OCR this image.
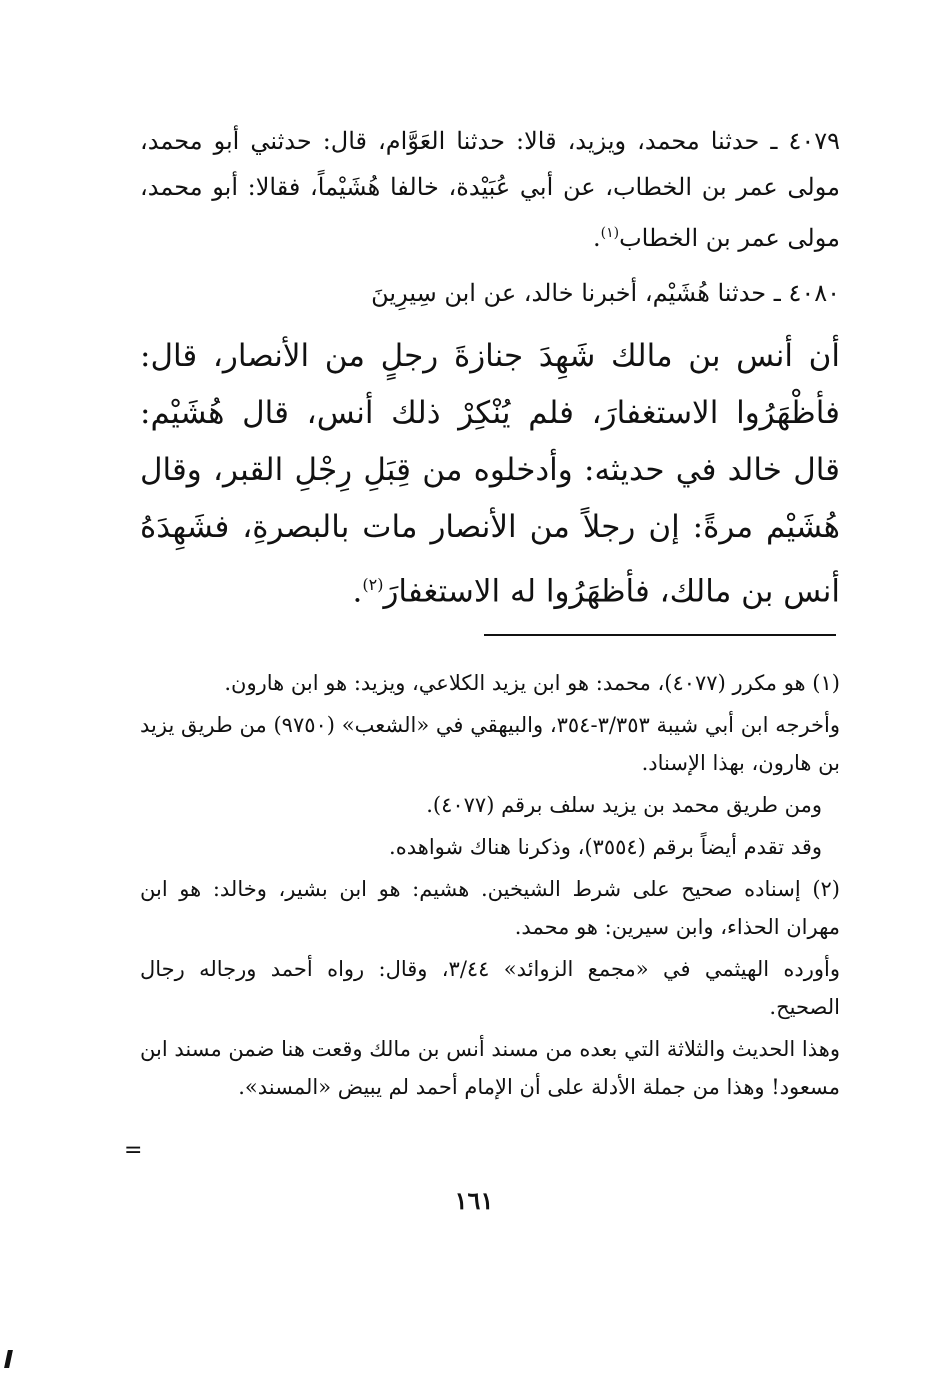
٤٠٧٩ ـ حدثنا محمد، ويزيد، قالا: حدثنا العَوَّام، قال: حدثني أبو محمد، مولى عمر بن الخطاب، عن أبي عُبَيْدة، خالفا هُشَيْماً، فقالا: أبو محمد، مولى عمر بن الخطاب$^{(١)}$.
٤٠٨٠ ـ حدثنا هُشَيْم، أخبرنا خالد، عن ابن سِيرِينَ
أن أنس بن مالك شَهِدَ جنازةَ رجلٍ من الأنصار، قال: فأظْهَرُوا الاستغفارَ، فلم يُنْكِرْ ذلك أنس، قال هُشَيْم: قال خالد في حديثه: وأدخلوه من قِبَلِ رِجْلِ القبر، وقال هُشَيْم مرةً: إن رجلاً من الأنصار مات بالبصرةِ، فشَهِدَهُ أنس بن مالك، فأظهَرُوا له الاستغفارَ$^{(٢)}$.

(١) هو مكرر (٤٠٧٧)، محمد: هو ابن يزيد الكلاعي، ويزيد: هو ابن هارون.

وأخرجه ابن أبي شيبة ٣/٣٥٣-٣٥٤، والبيهقي في «الشعب» (٩٧٥٠) من طريق يزيد بن هارون، بهذا الإسناد.

ومن طريق محمد بن يزيد سلف برقم (٤٠٧٧).

وقد تقدم أيضاً برقم (٣٥٥٤)، وذكرنا هناك شواهده.

(٢) إسناده صحيح على شرط الشيخين. هشيم: هو ابن بشير، وخالد: هو ابن مهران الحذاء، وابن سيرين: هو محمد.

وأورده الهيثمي في «مجمع الزوائد» ٣/٤٤، وقال: رواه أحمد ورجاله رجال الصحيح.

وهذا الحديث والثلاثة التي بعده من مسند أنس بن مالك وقعت هنا ضمن مسند ابن مسعود! وهذا من جملة الأدلة على أن الإمام أحمد لم يبيض «المسند».

=
١٦١
